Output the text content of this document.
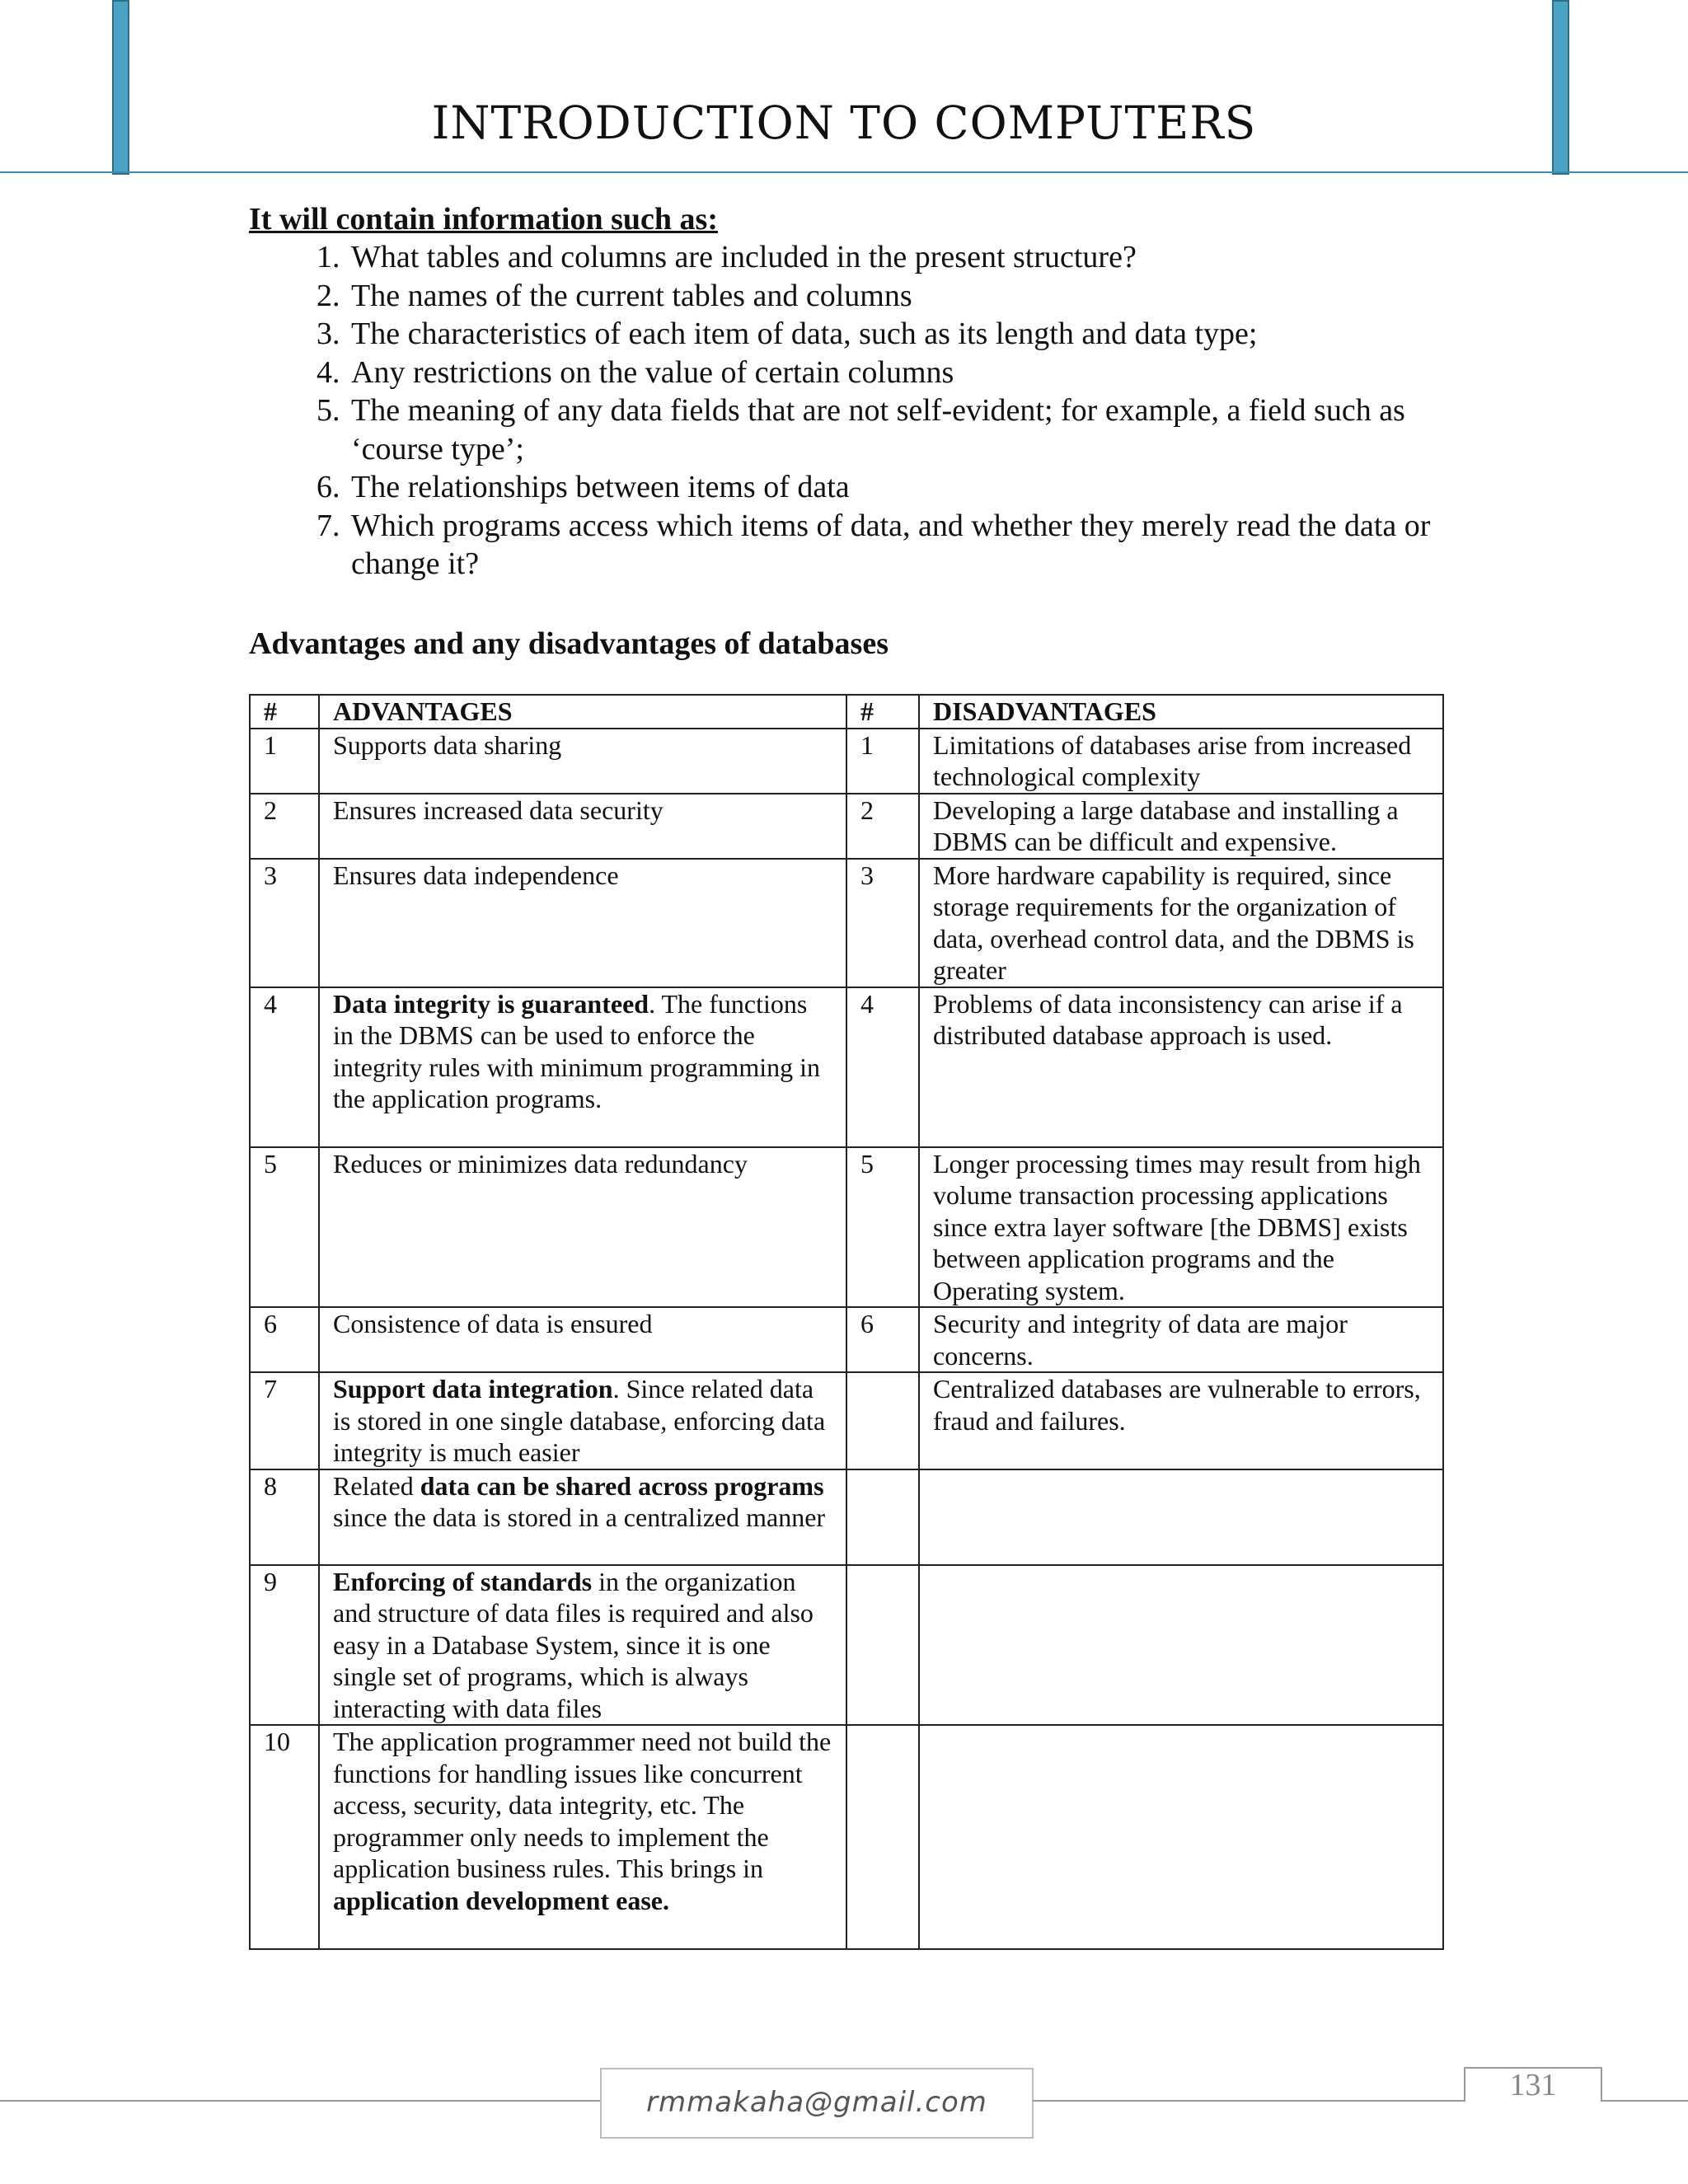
INTRODUCTION TO COMPUTERS

It will contain information such as:

1. What tables and columns are included in the present structure?
2. The names of the current tables and columns
3. The characteristics of each item of data, such as its length and data type;
4. Any restrictions on the value of certain columns
5. The meaning of any data fields that are not self-evident; for example, a field such as ‘course type’;
6. The relationships between items of data
7. Which programs access which items of data, and whether they merely read the data or change it?

Advantages and any disadvantages of databases

#	ADVANTAGES	#	DISADVANTAGES
1	Supports data sharing	1	Limitations of databases arise from increased technological complexity
2	Ensures increased data security	2	Developing a large database and installing a DBMS can be difficult and expensive.
3	Ensures data independence	3	More hardware capability is required, since storage requirements for the organization of data, overhead control data, and the DBMS is greater
4	Data integrity is guaranteed. The functions in the DBMS can be used to enforce the integrity rules with minimum programming in the application programs.	4	Problems of data inconsistency can arise if a distributed database approach is used.
5	Reduces or minimizes data redundancy	5	Longer processing times may result from high volume transaction processing applications since extra layer software [the DBMS] exists between application programs and the Operating system.
6	Consistence of data is ensured	6	Security and integrity of data are major concerns.
7	Support data integration. Since related data is stored in one single database, enforcing data integrity is much easier		Centralized databases are vulnerable to errors, fraud and failures.
8	Related data can be shared across programs since the data is stored in a centralized manner		
9	Enforcing of standards in the organization and structure of data files is required and also easy in a Database System, since it is one single set of programs, which is always interacting with data files		
10	The application programmer need not build the functions for handling issues like concurrent access, security, data integrity, etc. The programmer only needs to implement the application business rules. This brings in application development ease.		
rmmakaha@gmail.com	131
